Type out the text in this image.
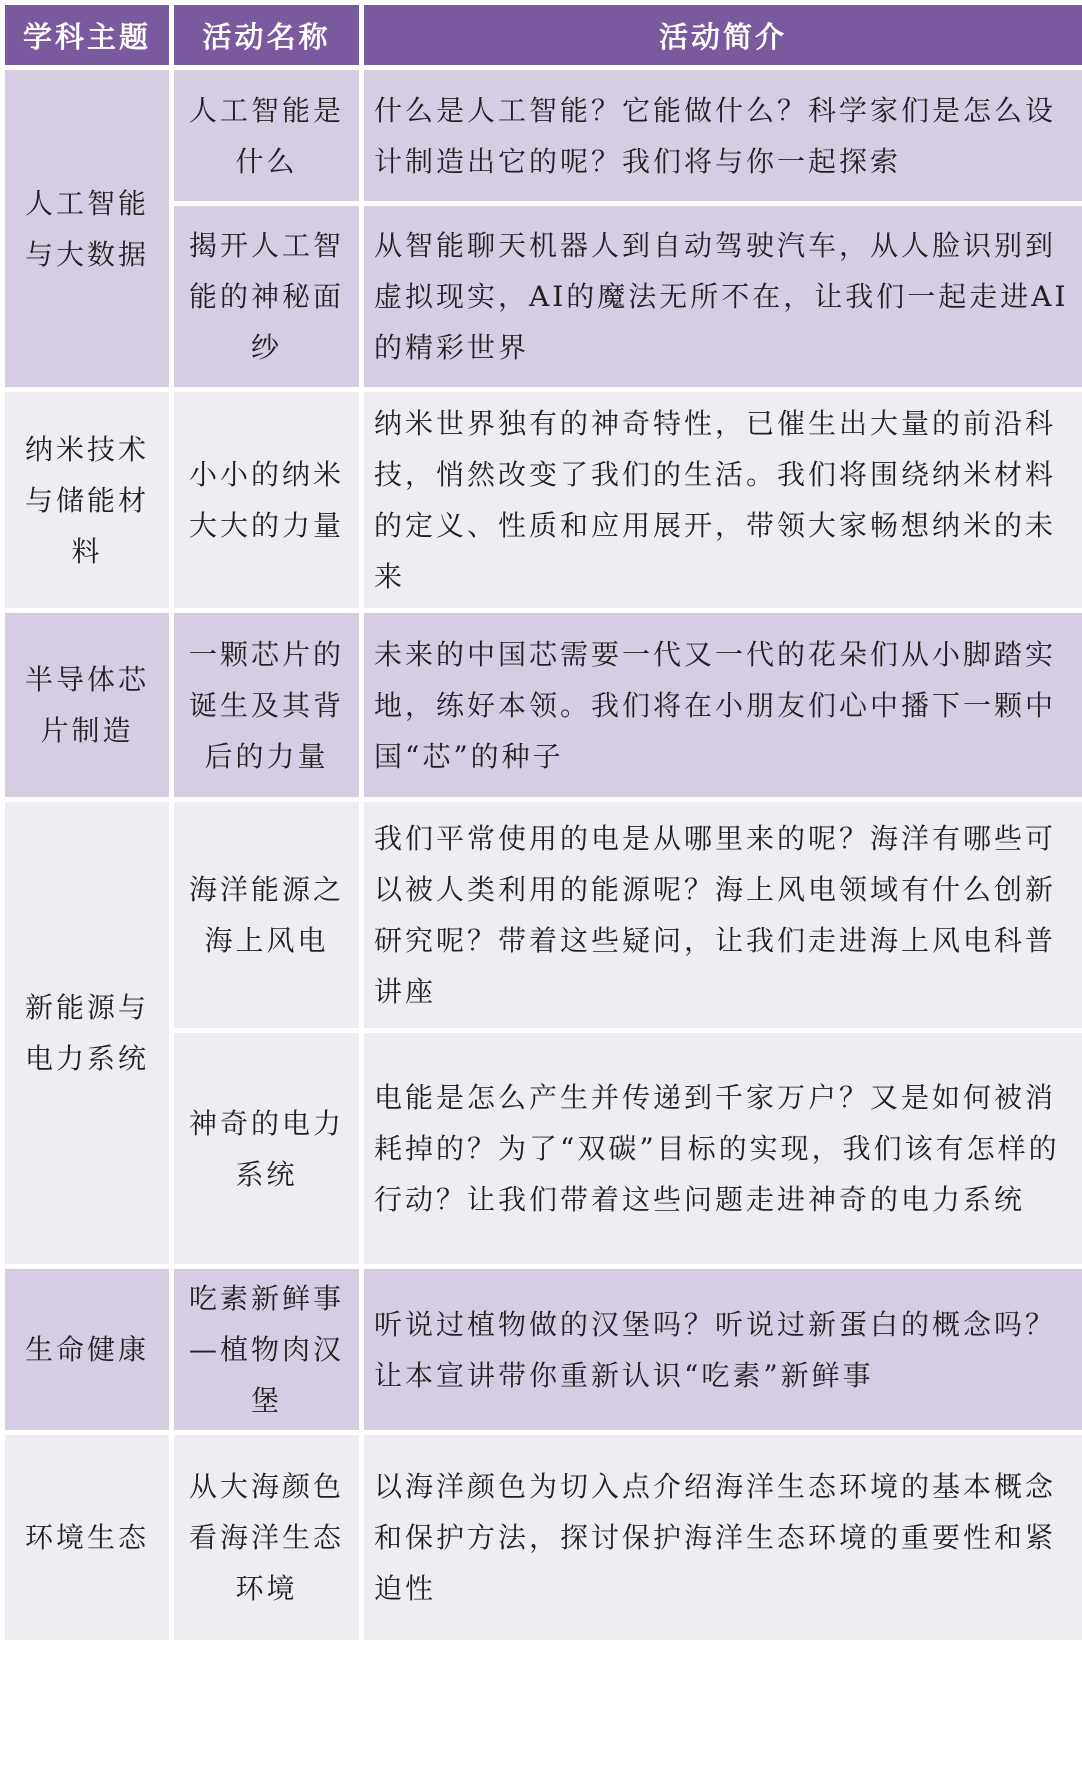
学科主题	活动名称	活动简介
人工智能与大数据	人工智能是什么	什么是人工智能？它能做什么？科学家们是怎么设计制造出它的呢？我们将与你一起探索
	揭开人工智能的神秘面纱	从智能聊天机器人到自动驾驶汽车，从人脸识别到虚拟现实，AI的魔法无所不在，让我们一起走进AI的精彩世界
纳米技术与储能材料	小小的纳米大大的力量	纳米世界独有的神奇特性，已催生出大量的前沿科技，悄然改变了我们的生活。我们将围绕纳米材料的定义、性质和应用展开，带领大家畅想纳米的未来
半导体芯片制造	一颗芯片的诞生及其背后的力量	未来的中国芯需要一代又一代的花朵们从小脚踏实地，练好本领。我们将在小朋友们心中播下一颗中国“芯”的种子
新能源与电力系统	海洋能源之海上风电	我们平常使用的电是从哪里来的呢？海洋有哪些可以被人类利用的能源呢？海上风电领域有什么创新研究呢？带着这些疑问，让我们走进海上风电科普讲座
	神奇的电力系统	电能是怎么产生并传递到千家万户？又是如何被消耗掉的？为了“双碳”目标的实现，我们该有怎样的行动？让我们带着这些问题走进神奇的电力系统
生命健康	吃素新鲜事—植物肉汉堡	听说过植物做的汉堡吗？听说过新蛋白的概念吗？让本宣讲带你重新认识“吃素”新鲜事
环境生态	从大海颜色看海洋生态环境	以海洋颜色为切入点介绍海洋生态环境的基本概念和保护方法，探讨保护海洋生态环境的重要性和紧迫性
